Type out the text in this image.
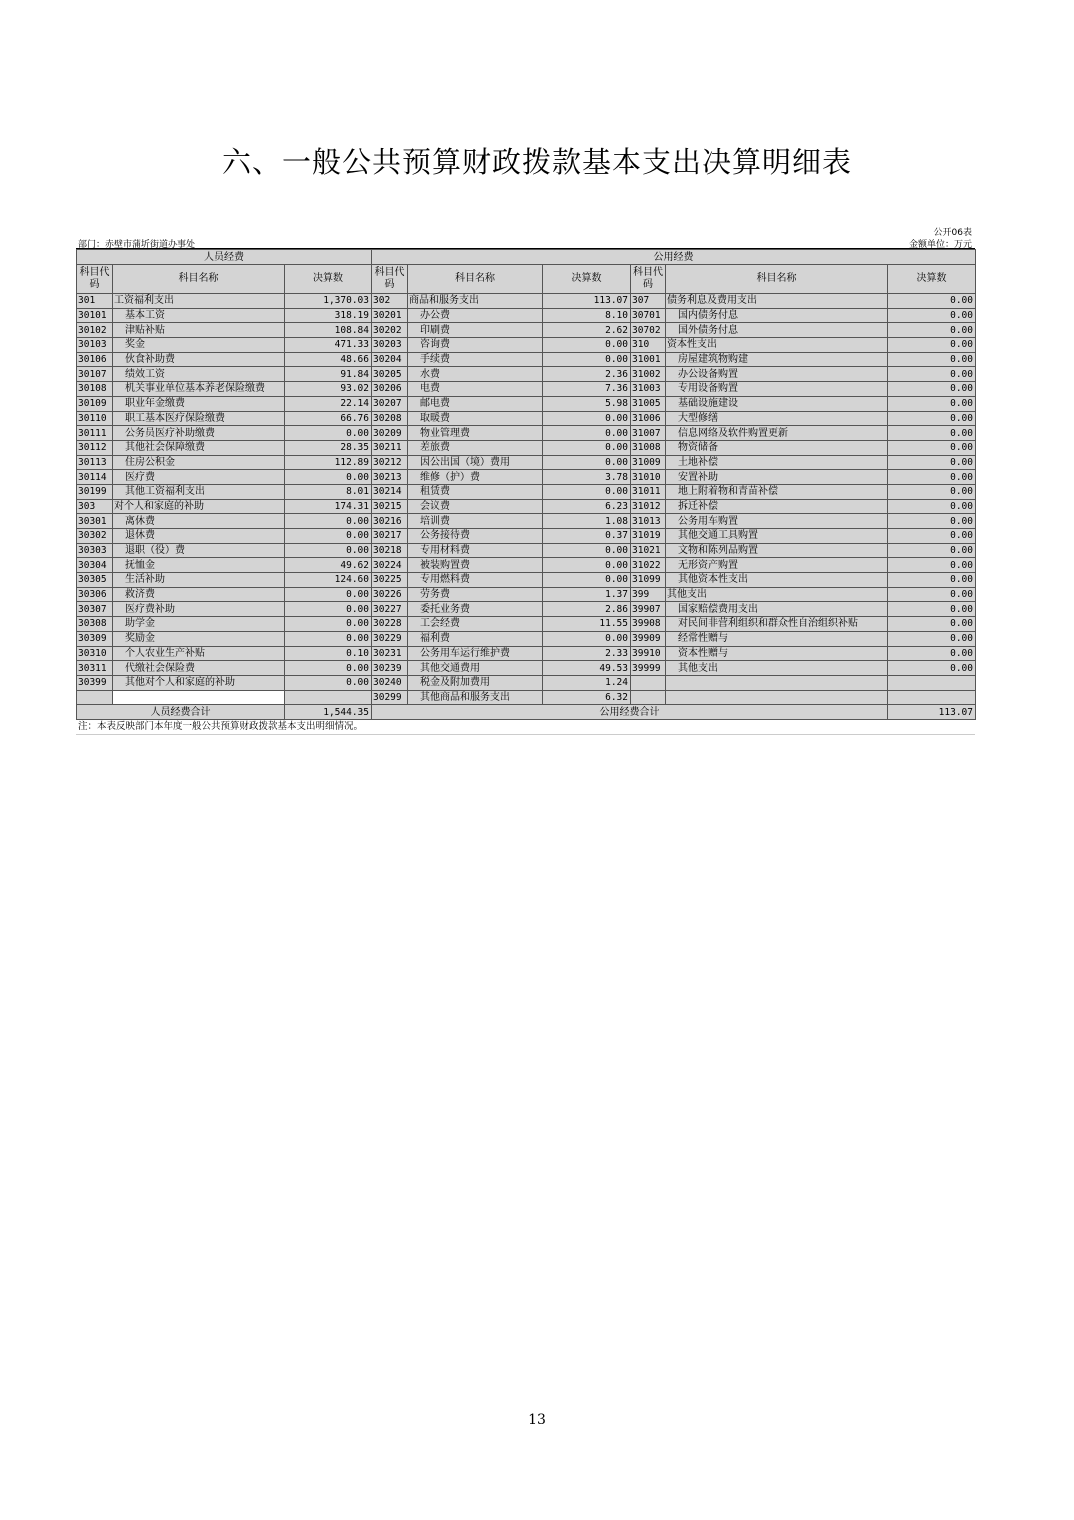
六、一般公共预算财政拨款基本支出决算明细表
公开06表
部门：赤壁市蒲圻街道办事处	金额单位：万元
人员经费			公用经费					
科目代码	科目名称	决算数	科目代码	科目名称	决算数	科目代码	科目名称	决算数
301	工资福利支出	1,370.03	302	商品和服务支出	113.07	307	债务利息及费用支出	0.00
30101	基本工资	318.19	30201	办公费	8.10	30701	国内债务付息	0.00
30102	津贴补贴	108.84	30202	印刷费	2.62	30702	国外债务付息	0.00
30103	奖金	471.33	30203	咨询费	0.00	310	资本性支出	0.00
30106	伙食补助费	48.66	30204	手续费	0.00	31001	房屋建筑物购建	0.00
30107	绩效工资	91.84	30205	水费	2.36	31002	办公设备购置	0.00
30108	机关事业单位基本养老保险缴费	93.02	30206	电费	7.36	31003	专用设备购置	0.00
30109	职业年金缴费	22.14	30207	邮电费	5.98	31005	基础设施建设	0.00
30110	职工基本医疗保险缴费	66.76	30208	取暖费	0.00	31006	大型修缮	0.00
30111	公务员医疗补助缴费	0.00	30209	物业管理费	0.00	31007	信息网络及软件购置更新	0.00
30112	其他社会保障缴费	28.35	30211	差旅费	0.00	31008	物资储备	0.00
30113	住房公积金	112.89	30212	因公出国（境）费用	0.00	31009	土地补偿	0.00
30114	医疗费	0.00	30213	维修（护）费	3.78	31010	安置补助	0.00
30199	其他工资福利支出	8.01	30214	租赁费	0.00	31011	地上附着物和青苗补偿	0.00
303	对个人和家庭的补助	174.31	30215	会议费	6.23	31012	拆迁补偿	0.00
30301	离休费	0.00	30216	培训费	1.08	31013	公务用车购置	0.00
30302	退休费	0.00	30217	公务接待费	0.37	31019	其他交通工具购置	0.00
30303	退职（役）费	0.00	30218	专用材料费	0.00	31021	文物和陈列品购置	0.00
30304	抚恤金	49.62	30224	被装购置费	0.00	31022	无形资产购置	0.00
30305	生活补助	124.60	30225	专用燃料费	0.00	31099	其他资本性支出	0.00
30306	救济费	0.00	30226	劳务费	1.37	399	其他支出	0.00
30307	医疗费补助	0.00	30227	委托业务费	2.86	39907	国家赔偿费用支出	0.00
30308	助学金	0.00	30228	工会经费	11.55	39908	对民间非营利组织和群众性自治组织补贴	0.00
30309	奖励金	0.00	30229	福利费	0.00	39909	经常性赠与	0.00
30310	个人农业生产补贴	0.10	30231	公务用车运行维护费	2.33	39910	资本性赠与	0.00
30311	代缴社会保险费	0.00	30239	其他交通费用	49.53	39999	其他支出	0.00
30399	其他对个人和家庭的补助	0.00	30240	税金及附加费用	1.24			
			30299	其他商品和服务支出	6.32			
人员经费合计		1,544.35	公用经费合计					113.07
注：本表反映部门本年度一般公共预算财政拨款基本支出明细情况。
13
